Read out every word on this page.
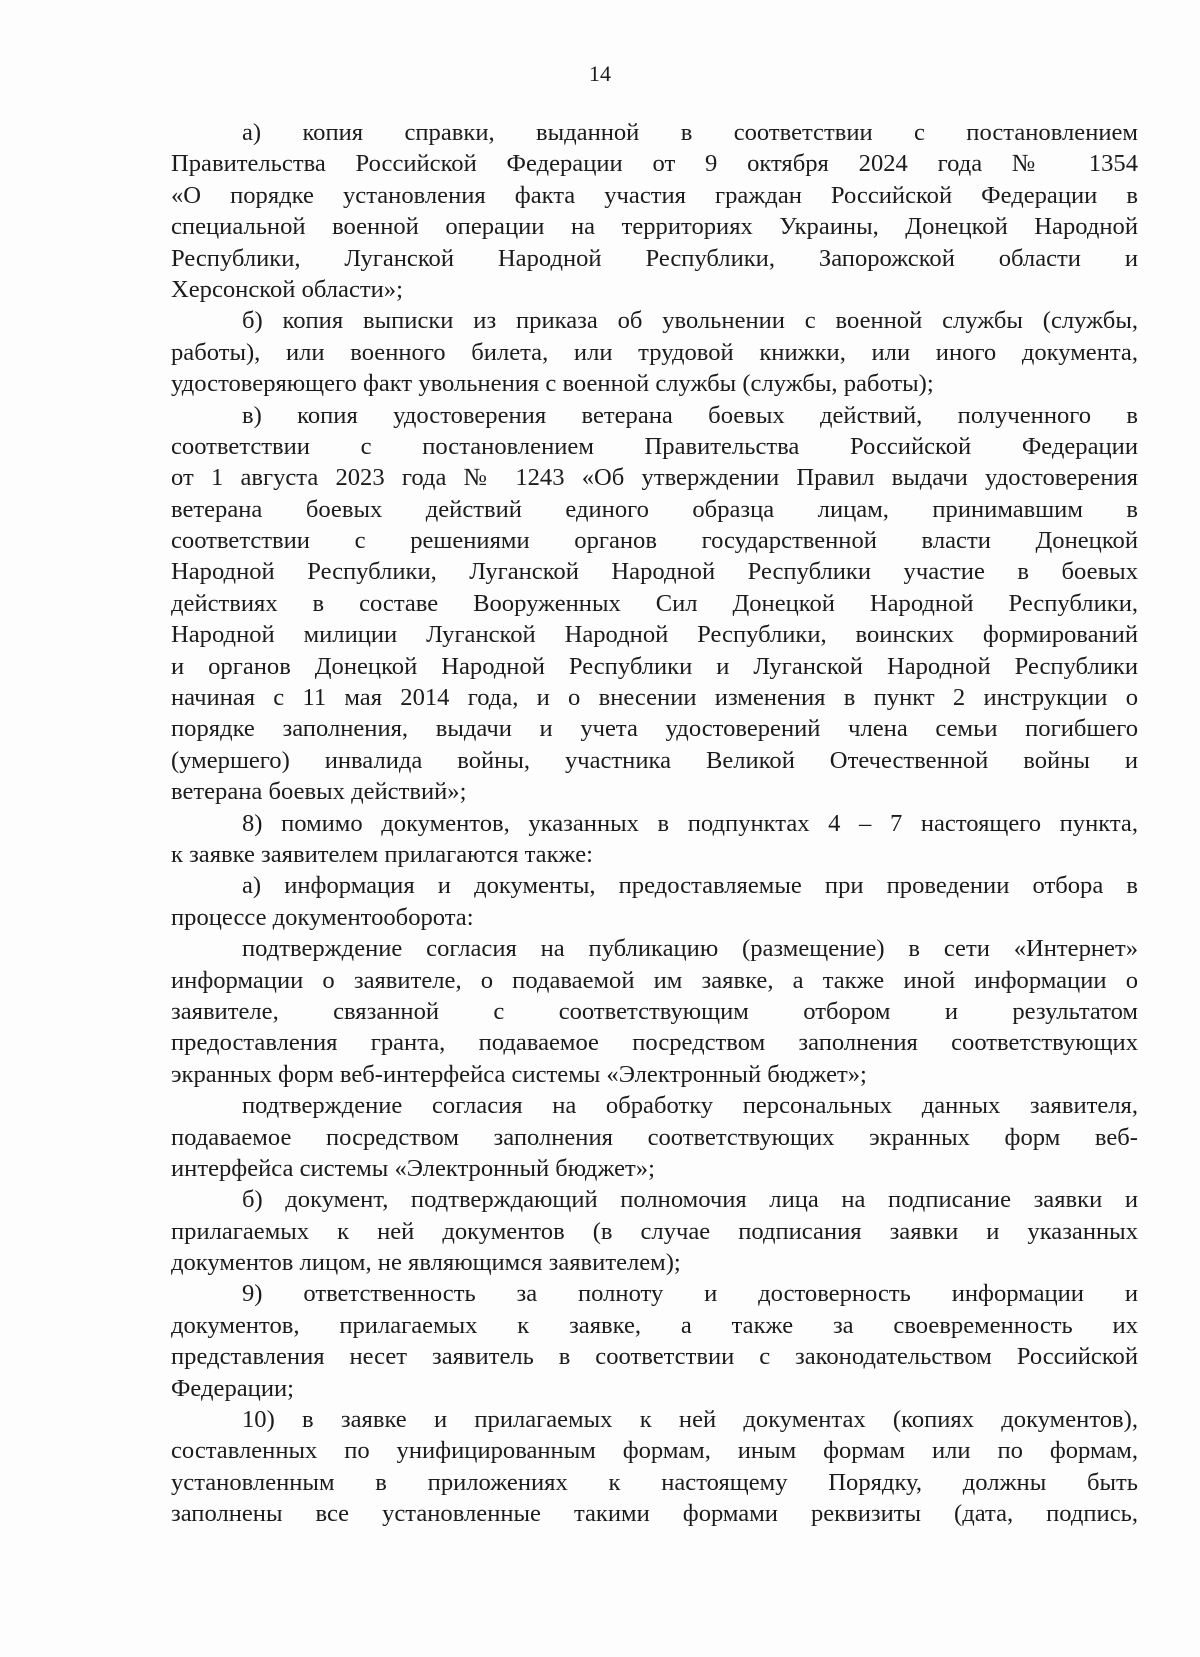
14
а) копия справки, выданной в соответствии с постановлением
Правительства Российской Федерации от 9 октября 2024 года № 1354
«О порядке установления факта участия граждан Российской Федерации в
специальной военной операции на территориях Украины, Донецкой Народной
Республики, Луганской Народной Республики, Запорожской области и
Херсонской области»;
б) копия выписки из приказа об увольнении с военной службы (службы,
работы), или военного билета, или трудовой книжки, или иного документа,
удостоверяющего факт увольнения с военной службы (службы, работы);
в) копия удостоверения ветерана боевых действий, полученного в
соответствии с постановлением Правительства Российской Федерации
от 1 августа 2023 года № 1243 «Об утверждении Правил выдачи удостоверения
ветерана боевых действий единого образца лицам, принимавшим в
соответствии с решениями органов государственной власти Донецкой
Народной Республики, Луганской Народной Республики участие в боевых
действиях в составе Вооруженных Сил Донецкой Народной Республики,
Народной милиции Луганской Народной Республики, воинских формирований
и органов Донецкой Народной Республики и Луганской Народной Республики
начиная с 11 мая 2014 года, и о внесении изменения в пункт 2 инструкции о
порядке заполнения, выдачи и учета удостоверений члена семьи погибшего
(умершего) инвалида войны, участника Великой Отечественной войны и
ветерана боевых действий»;
8) помимо документов, указанных в подпунктах 4 – 7 настоящего пункта,
к заявке заявителем прилагаются также:
а) информация и документы, предоставляемые при проведении отбора в
процессе документооборота:
подтверждение согласия на публикацию (размещение) в сети «Интернет»
информации о заявителе, о подаваемой им заявке, а также иной информации о
заявителе, связанной с соответствующим отбором и результатом
предоставления гранта, подаваемое посредством заполнения соответствующих
экранных форм веб-интерфейса системы «Электронный бюджет»;
подтверждение согласия на обработку персональных данных заявителя,
подаваемое посредством заполнения соответствующих экранных форм веб-
интерфейса системы «Электронный бюджет»;
б) документ, подтверждающий полномочия лица на подписание заявки и
прилагаемых к ней документов (в случае подписания заявки и указанных
документов лицом, не являющимся заявителем);
9) ответственность за полноту и достоверность информации и
документов, прилагаемых к заявке, а также за своевременность их
представления несет заявитель в соответствии с законодательством Российской
Федерации;
10) в заявке и прилагаемых к ней документах (копиях документов),
составленных по унифицированным формам, иным формам или по формам,
установленным в приложениях к настоящему Порядку, должны быть
заполнены все установленные такими формами реквизиты (дата, подпись,
